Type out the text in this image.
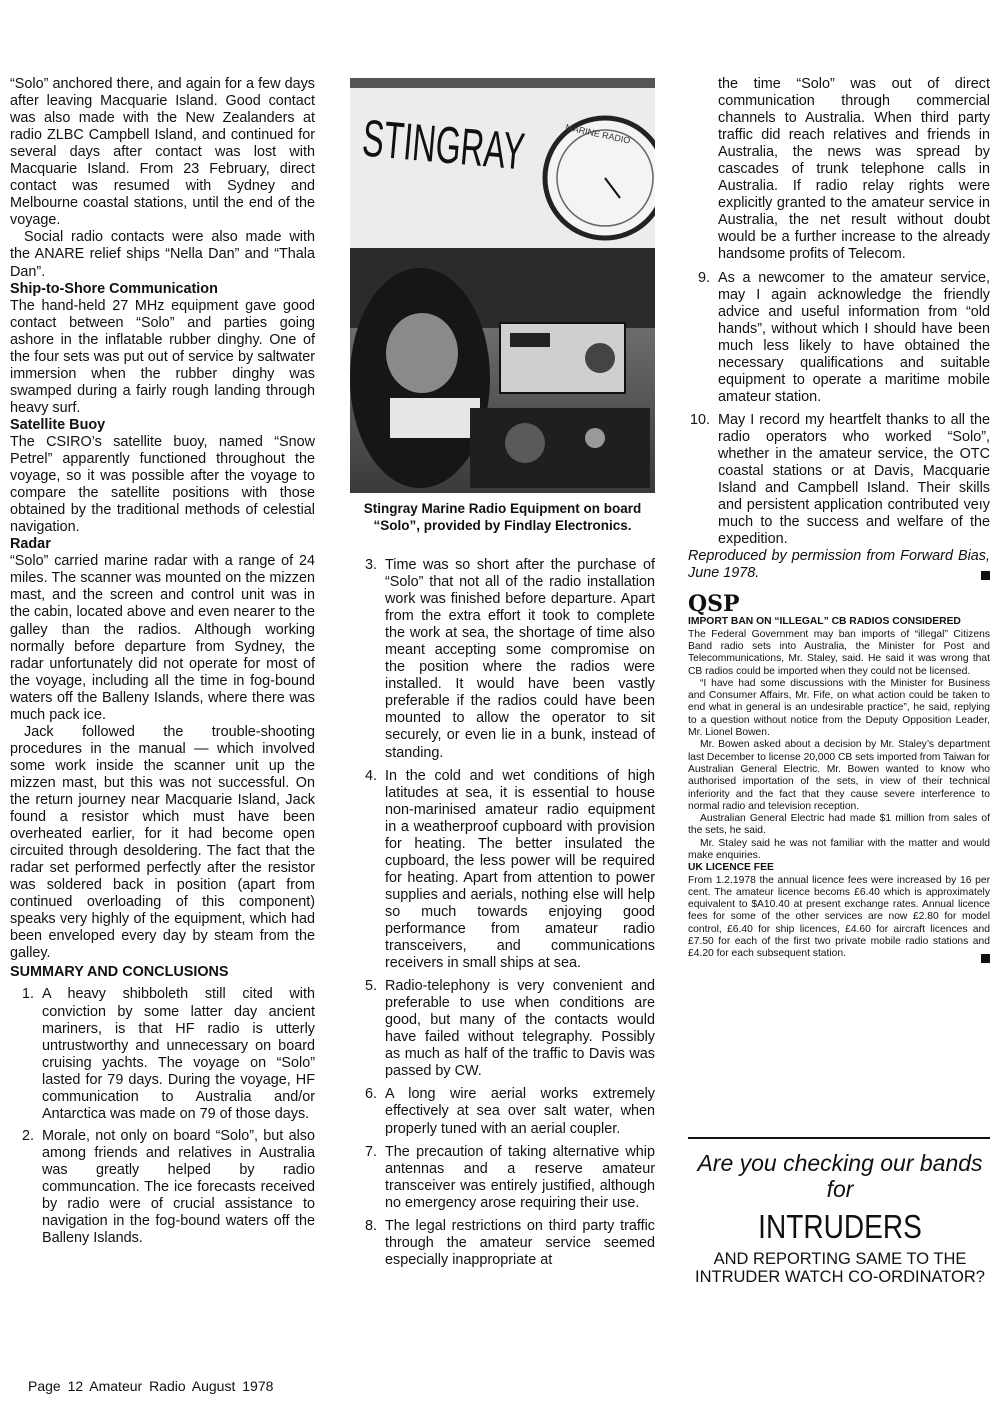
“Solo” anchored there, and again for a few days after leaving Macquarie Island. Good contact was also made with the New Zealanders at radio ZLBC Campbell Island, and continued for several days after contact was lost with Macquarie Island. From 23 February, direct contact was resumed with Sydney and Melbourne coastal stations, until the end of the voyage.

Social radio contacts were also made with the ANARE relief ships “Nella Dan” and “Thala Dan”.

Ship-to-Shore Communication

The hand-held 27 MHz equipment gave good contact between “Solo” and parties going ashore in the inflatable rubber dinghy. One of the four sets was put out of service by saltwater immersion when the rubber dinghy was swamped during a fairly rough landing through heavy surf.

Satellite Buoy

The CSIRO’s satellite buoy, named “Snow Petrel” apparently functioned throughout the voyage, so it was possible after the voyage to compare the satellite positions with those obtained by the traditional methods of celestial navigation.

Radar

“Solo” carried marine radar with a range of 24 miles. The scanner was mounted on the mizzen mast, and the screen and control unit was in the cabin, located above and even nearer to the galley than the radios. Although working normally before departure from Sydney, the radar unfortunately did not operate for most of the voyage, including all the time in fog-bound waters off the Balleny Islands, where there was much pack ice.

Jack followed the trouble-shooting procedures in the manual — which involved some work inside the scanner unit up the mizzen mast, but this was not successful. On the return journey near Macquarie Island, Jack found a resistor which must have been overheated earlier, for it had become open circuited through desoldering. The fact that the radar set performed perfectly after the resistor was soldered back in position (apart from continued overloading of this component) speaks very highly of the equipment, which had been enveloped every day by steam from the galley.

SUMMARY AND CONCLUSIONS

1. A heavy shibboleth still cited with conviction by some latter day ancient mariners, is that HF radio is utterly untrustworthy and unnecessary on board cruising yachts. The voyage on “Solo” lasted for 79 days. During the voyage, HF communication to Australia and/or Antarctica was made on 79 of those days.
2. Morale, not only on board “Solo”, but also among friends and relatives in Australia was greatly helped by radio communcation. The ice forecasts received by radio were of crucial assistance to navigation in the fog-bound waters off the Balleny Islands.
STINGRAY	MARINE RADIO
Stingray Marine Radio Equipment on board “Solo”, provided by Findlay Electronics.
3. Time was so short after the purchase of “Solo” that not all of the radio installation work was finished before departure. Apart from the extra effort it took to complete the work at sea, the shortage of time also meant accepting some compromise on the position where the radios were installed. It would have been vastly preferable if the radios could have been mounted to allow the operator to sit securely, or even lie in a bunk, instead of standing.
4. In the cold and wet conditions of high latitudes at sea, it is essential to house non-marinised amateur radio equipment in a weatherproof cupboard with provision for heating. The better insulated the cupboard, the less power will be required for heating. Apart from attention to power supplies and aerials, nothing else will help so much towards enjoying good performance from amateur radio transceivers, and communications receivers in small ships at sea.
5. Radio-telephony is very convenient and preferable to use when conditions are good, but many of the contacts would have failed without telegraphy. Possibly as much as half of the traffic to Davis was passed by CW.
6. A long wire aerial works extremely effectively at sea over salt water, when properly tuned with an aerial coupler.
7. The precaution of taking alternative whip antennas and a reserve amateur transceiver was entirely justified, although no emergency arose requiring their use.
8. The legal restrictions on third party traffic through the amateur service seemed especially inappropriate at
the time “Solo” was out of direct communication through commercial channels to Australia. When third party traffic did reach relatives and friends in Australia, the news was spread by cascades of trunk telephone calls in Australia. If radio relay rights were explicitly granted to the amateur service in Australia, the net result without doubt would be a further increase to the already handsome profits of Telecom.
9. As a newcomer to the amateur service, may I again acknowledge the friendly advice and useful information from “old hands”, without which I should have been much less likely to have obtained the necessary qualifications and suitable equipment to operate a maritime mobile amateur station.
10. May I record my heartfelt thanks to all the radio operators who worked “Solo”, whether in the amateur service, the OTC coastal stations or at Davis, Macquarie Island and Campbell Island. Their skills and persistent application contributed veıy much to the success and welfare of the expedition.

Reproduced by permission from Forward Bias, June 1978.

QSP

IMPORT BAN ON “ILLEGAL” CB RADIOS CONSIDERED

The Federal Government may ban imports of “illegal” Citizens Band radio sets into Australia, the Minister for Post and Telecommunications, Mr. Staley, said. He said it was wrong that CB radios could be imported when they could not be licensed.

“I have had some discussions with the Minister for Business and Consumer Affairs, Mr. Fife, on what action could be taken to end what in general is an undesirable practice”, he said, replying to a question without notice from the Deputy Opposition Leader, Mr. Lionel Bowen.

Mr. Bowen asked about a decision by Mr. Staley’s department last December to license 20,000 CB sets imported from Taiwan for Australian General Electric. Mr. Bowen wanted to know who authorised importation of the sets, in view of their technical inferiority and the fact that they cause severe interference to normal radio and television reception.

Australian General Electric had made $1 million from sales of the sets, he said.

Mr. Staley said he was not familiar with the matter and would make enquiries.

UK LICENCE FEE

From 1.2.1978 the annual licence fees were increased by 16 per cent. The amateur licence becoms £6.40 which is approximately equivalent to $A10.40 at present exchange rates. Annual licence fees for some of the other services are now £2.80 for model control, £6.40 for ship licences, £4.60 for aircraft licences and £7.50 for each of the first two private mobile radio stations and £4.20 for each subsequent station.

Are you checking our bands for
INTRUDERS
AND REPORTING SAME TO THE INTRUDER WATCH CO-ORDINATOR?
Page 12 Amateur Radio August 1978
